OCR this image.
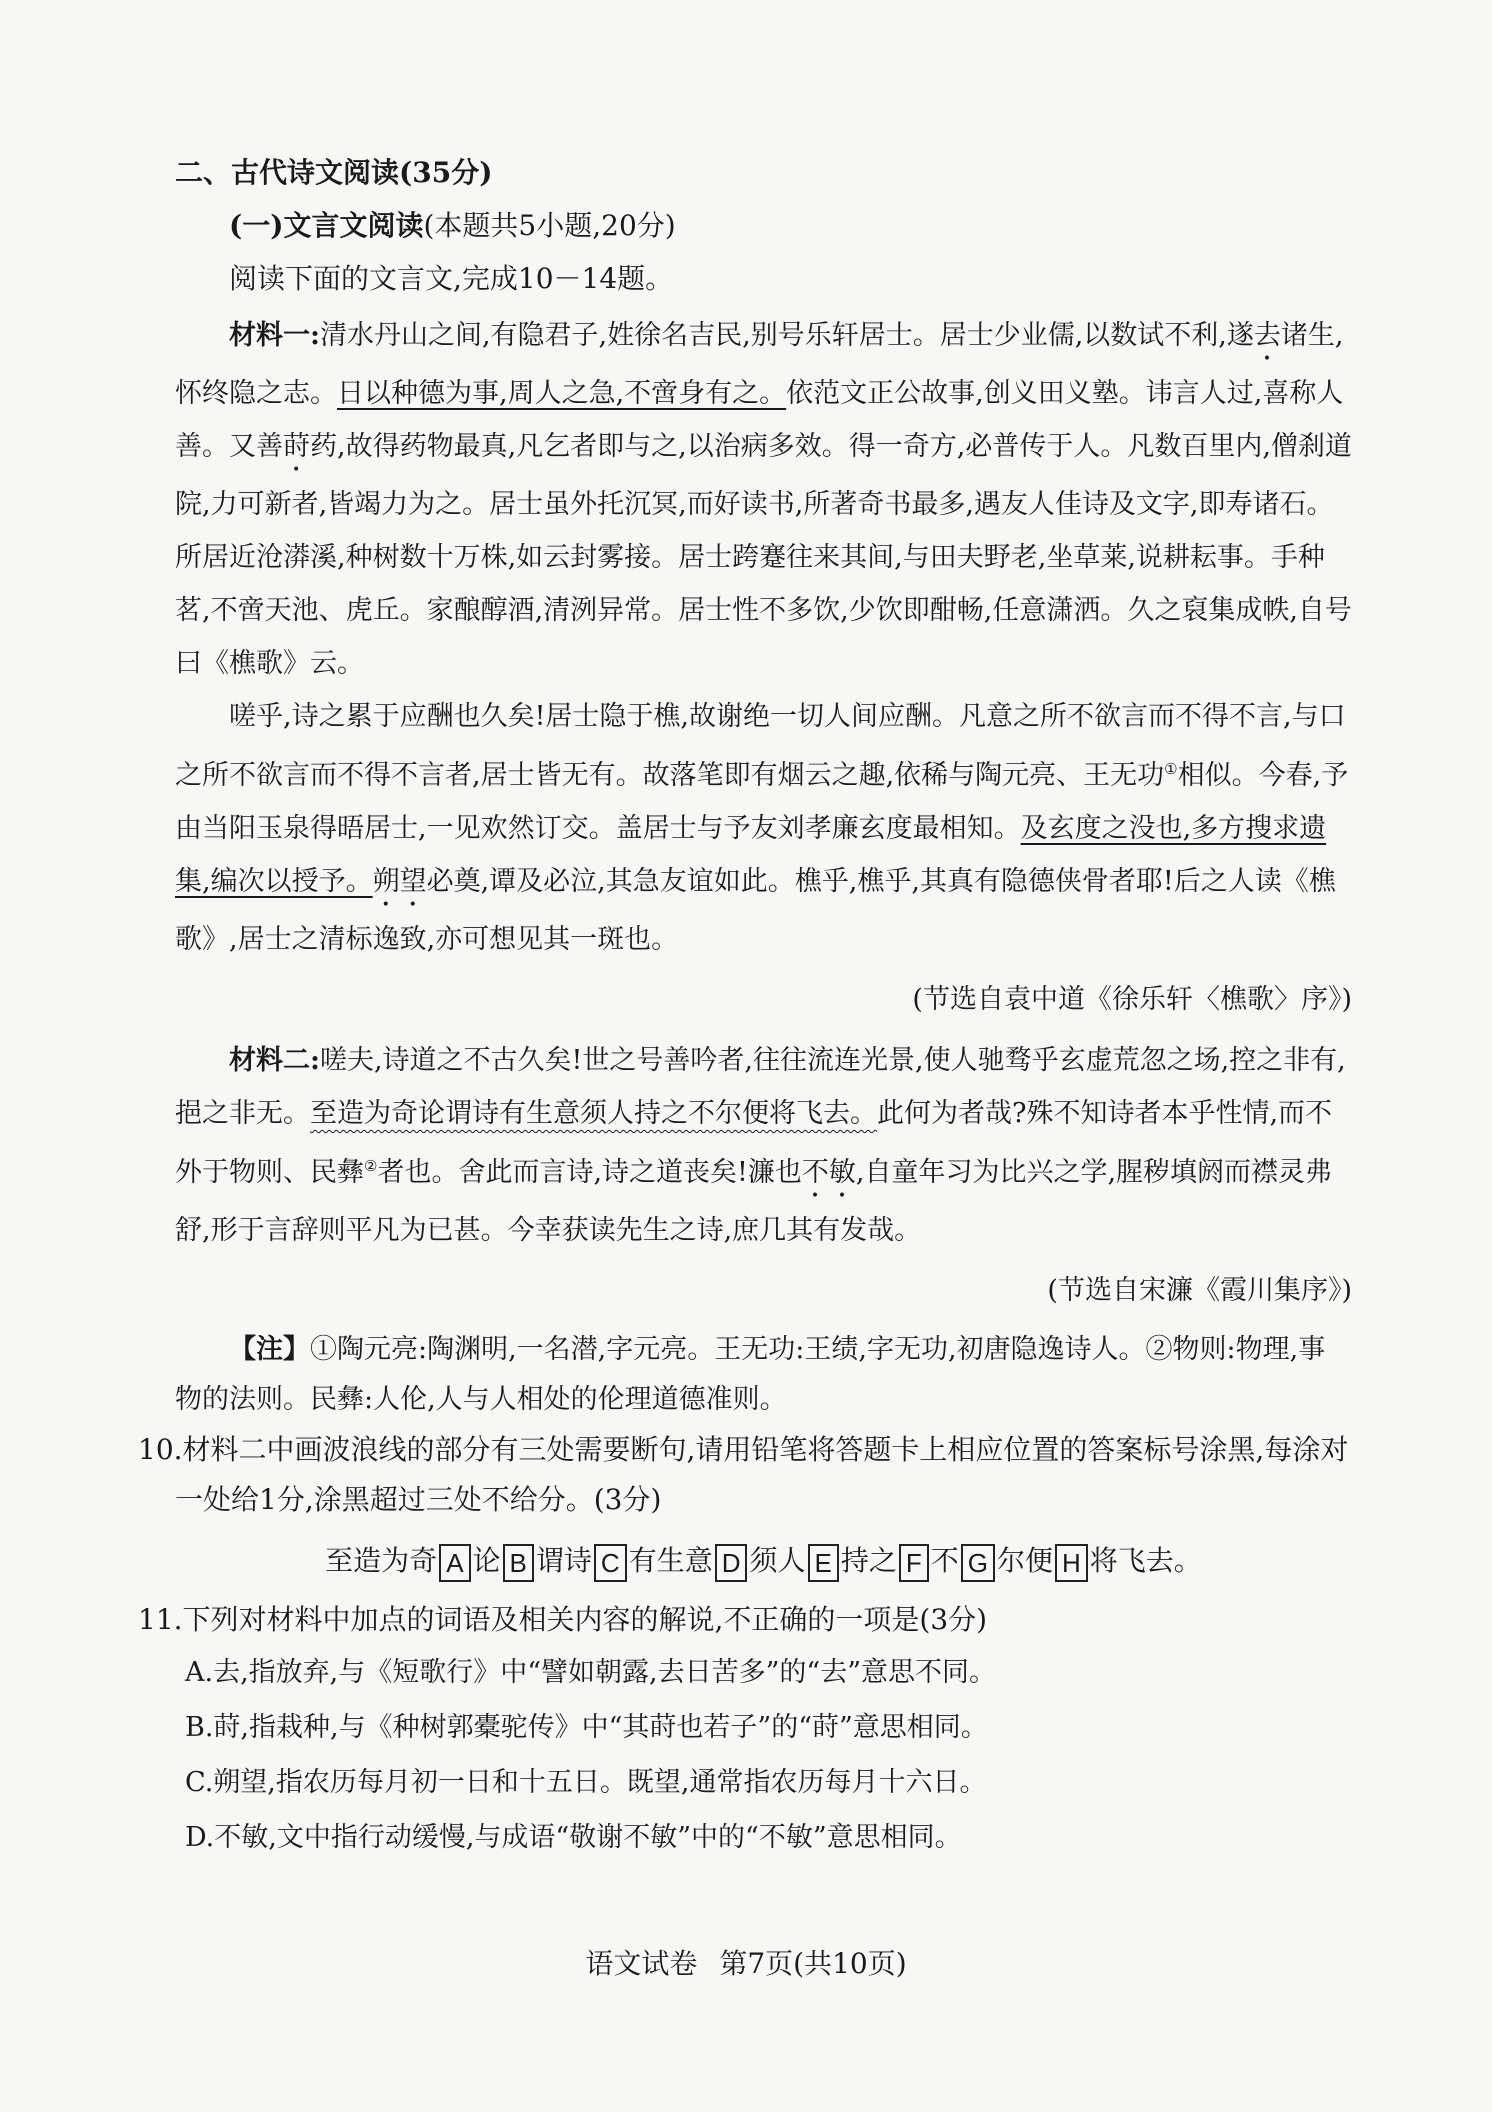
二、古代诗文阅读(35分)

(一)文言文阅读(本题共5小题,20分)

阅读下面的文言文,完成10－14题。

材料一:清水丹山之间,有隐君子,姓徐名吉民,别号乐轩居士。居士少业儒,以数试不利,遂去诸生,怀终隐之志。日以种德为事,周人之急,不啻身有之。依范文正公故事,创义田义塾。讳言人过,喜称人善。又善莳药,故得药物最真,凡乞者即与之,以治病多效。得一奇方,必普传于人。凡数百里内,僧刹道院,力可新者,皆竭力为之。居士虽外托沉冥,而好读书,所著奇书最多,遇友人佳诗及文字,即寿诸石。所居近沧漭溪,种树数十万株,如云封雾接。居士跨蹇往来其间,与田夫野老,坐草莱,说耕耘事。手种茗,不啻天池、虎丘。家酿醇酒,清洌异常。居士性不多饮,少饮即酣畅,任意潇洒。久之裒集成帙,自号曰《樵歌》云。

嗟乎,诗之累于应酬也久矣!居士隐于樵,故谢绝一切人间应酬。凡意之所不欲言而不得不言,与口之所不欲言而不得不言者,居士皆无有。故落笔即有烟云之趣,依稀与陶元亮、王无功①相似。今春,予由当阳玉泉得晤居士,一见欢然订交。盖居士与予友刘孝廉玄度最相知。及玄度之没也,多方搜求遗集,编次以授予。朔望必奠,谭及必泣,其急友谊如此。樵乎,樵乎,其真有隐德侠骨者耶!后之人读《樵歌》,居士之清标逸致,亦可想见其一斑也。

(节选自袁中道《徐乐轩〈樵歌〉序》)

材料二:嗟夫,诗道之不古久矣!世之号善吟者,往往流连光景,使人驰骛乎玄虚荒忽之场,控之非有,挹之非无。至造为奇论谓诗有生意须人持之不尔便将飞去。此何为者哉?殊不知诗者本乎性情,而不外于物则、民彝②者也。舍此而言诗,诗之道丧矣!濂也不敏,自童年习为比兴之学,腥秽填阏而襟灵弗舒,形于言辞则平凡为已甚。今幸获读先生之诗,庶几其有发哉。

(节选自宋濂《霞川集序》)

【注】①陶元亮:陶渊明,一名潜,字元亮。王无功:王绩,字无功,初唐隐逸诗人。②物则:物理,事物的法则。民彝:人伦,人与人相处的伦理道德准则。

10.材料二中画波浪线的部分有三处需要断句,请用铅笔将答题卡上相应位置的答案标号涂黑,每涂对一处给1分,涂黑超过三处不给分。(3分)

至造为奇 A 论 B 谓诗 C 有生意 D 须人 E 持之 F 不 G 尔便 H 将飞去。

11.下列对材料中加点的词语及相关内容的解说,不正确的一项是(3分)

A.去,指放弃,与《短歌行》中“譬如朝露,去日苦多”的“去”意思不同。
B.莳,指栽种,与《种树郭橐驼传》中“其莳也若子”的“莳”意思相同。
C.朔望,指农历每月初一日和十五日。既望,通常指农历每月十六日。
D.不敏,文中指行动缓慢,与成语“敬谢不敏”中的“不敏”意思相同。
语文试卷 第7页(共10页)
